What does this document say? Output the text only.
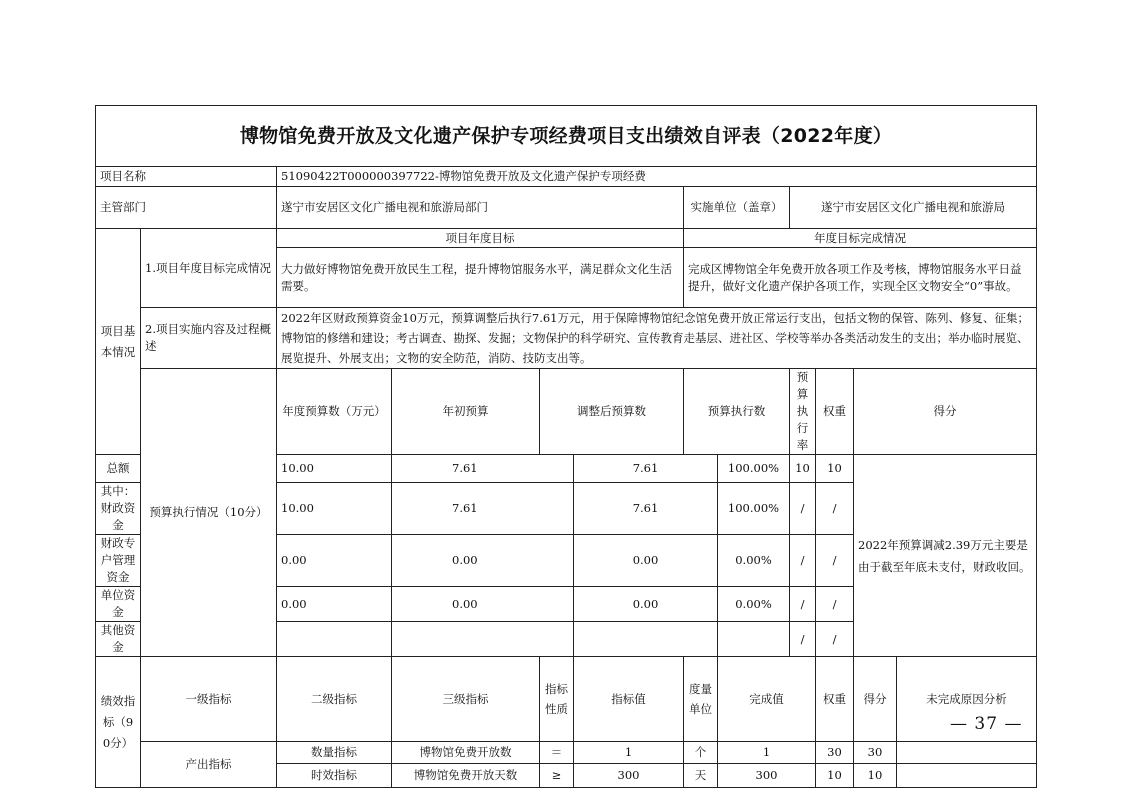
博物馆免费开放及文化遗产保护专项经费项目支出绩效自评表（2022年度）
项目名称	51090422T000000397722-博物馆免费开放及文化遗产保护专项经费
主管部门	遂宁市安居区文化广播电视和旅游局部门	实施单位（盖章）	遂宁市安居区文化广播电视和旅游局
项目基本情况	1.项目年度目标完成情况	项目年度目标	年度目标完成情况
大力做好博物馆免费开放民生工程，提升博物馆服务水平，满足群众文化生活需要。	完成区博物馆全年免费开放各项工作及考核，博物馆服务水平日益提升，做好文化遗产保护各项工作，实现全区文物安全“0”事故。
2.项目实施内容及过程概述	2022年区财政预算资金10万元，预算调整后执行7.61万元，用于保障博物馆纪念馆免费开放正常运行支出，包括文物的保管、陈列、修复、征集；博物馆的修缮和建设；考古调查、勘探、发掘；文物保护的科学研究、宣传教育走基层、进社区、学校等举办各类活动发生的支出；举办临时展览、展览提升、外展支出；文物的安全防范，消防、技防支出等。
预算执行情况（10分）	年度预算数（万元）	年初预算	调整后预算数	预算执行数	预算执行率	权重	得分	
总额	10.00	7.61	7.61	100.00%	10	10	2022年预算调减2.39万元主要是由于截至年底未支付，财政收回。
其中：财政资金	10.00	7.61	7.61	100.00%	/	/
财政专户管理资金	0.00	0.00	0.00	0.00%	/	/
单位资金	0.00	0.00	0.00	0.00%	/	/
其他资金					/	/
绩效指标（90分）	一级指标	二级指标	三级指标	指标性质	指标值	度量单位	完成值	权重	得分	未完成原因分析

产出指标	数量指标	博物馆免费开放数	＝	1	个	1	30	30	

时效指标	博物馆免费开放天数	≥	300	天	300	10	10	
— 37 —
